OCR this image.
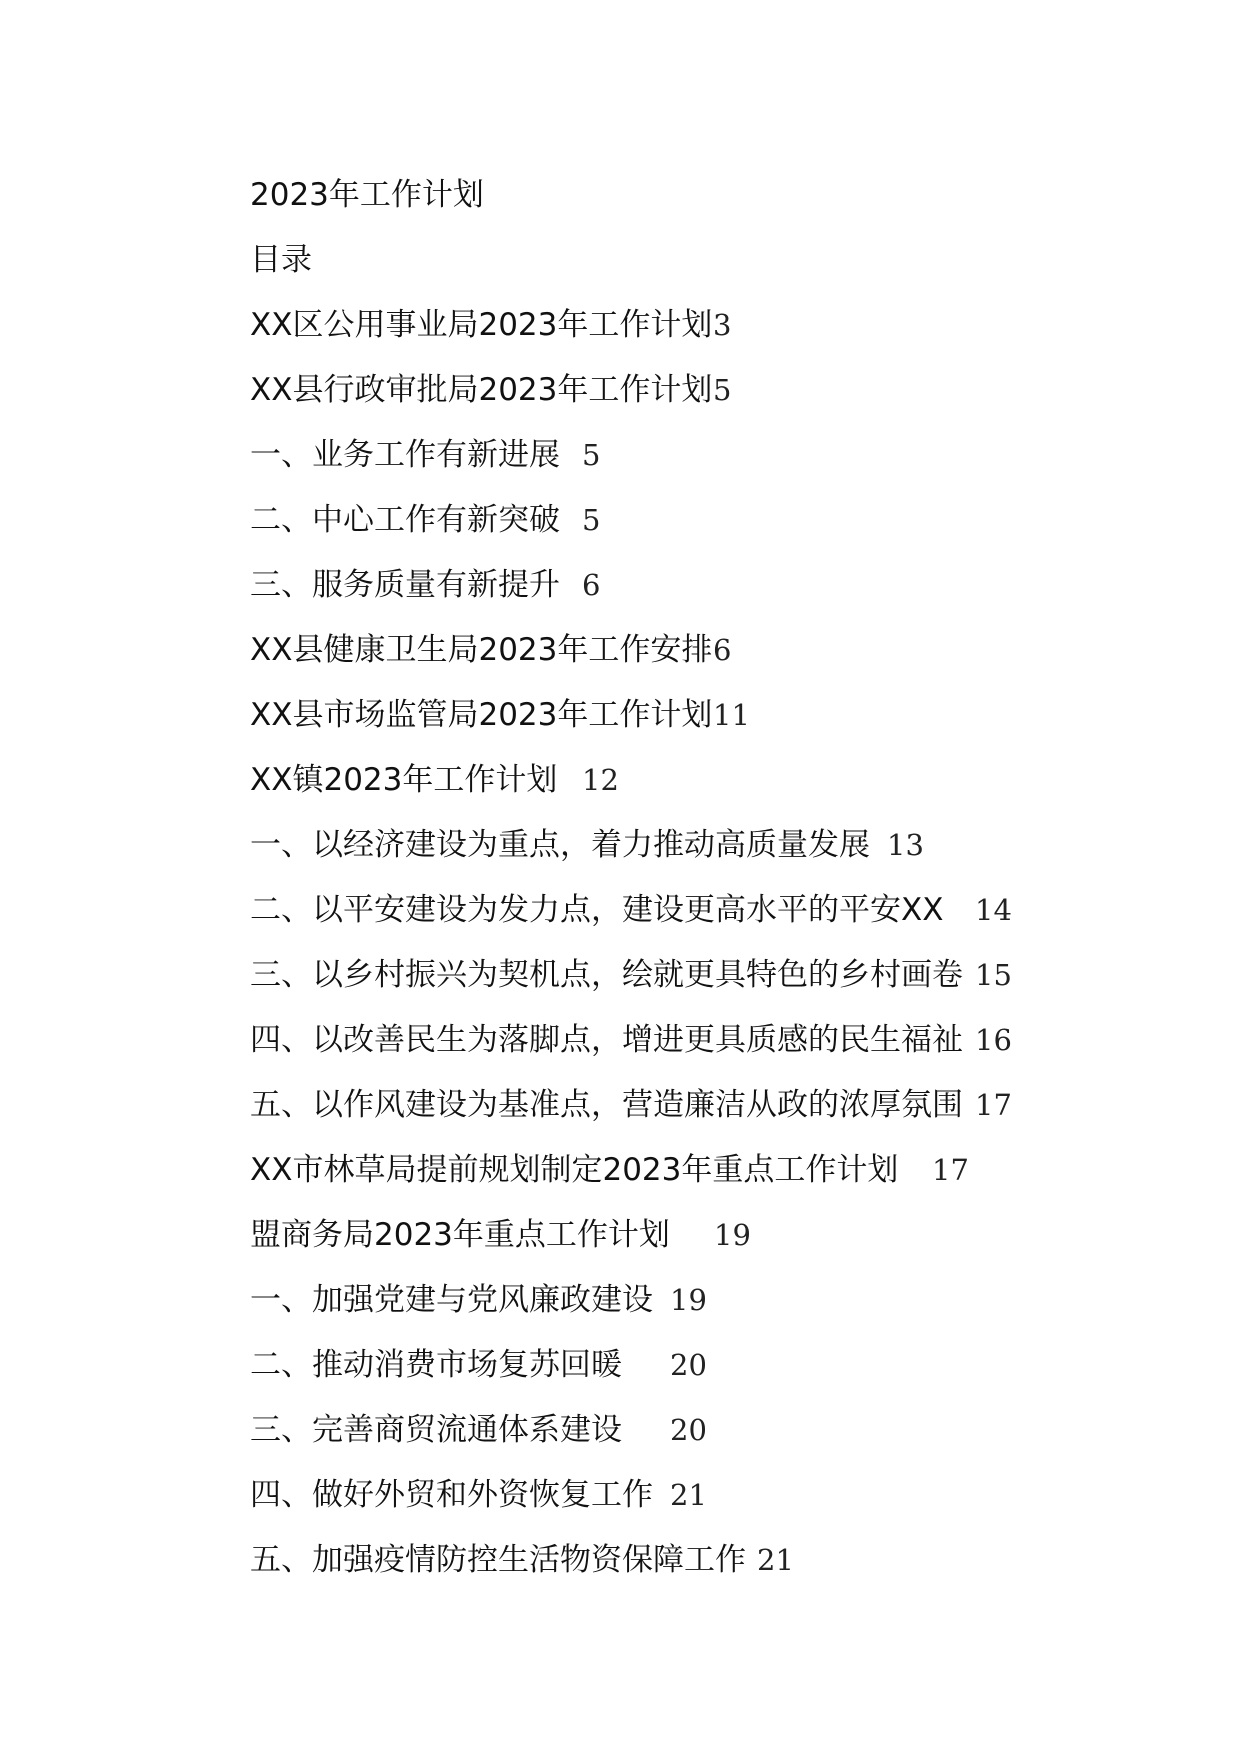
2023年工作计划
目录
XX区公用事业局2023年工作计划 3
XX县行政审批局2023年工作计划 5
一、业务工作有新进展 5
二、中心工作有新突破 5
三、服务质量有新提升 6
XX县健康卫生局2023年工作安排 6
XX县市场监管局2023年工作计划 11
XX镇2023年工作计划 12
一、以经济建设为重点，着力推动高质量发展 13
二、以平安建设为发力点，建设更高水平的平安XX 14
三、以乡村振兴为契机点，绘就更具特色的乡村画卷 15
四、以改善民生为落脚点，增进更具质感的民生福祉 16
五、以作风建设为基准点，营造廉洁从政的浓厚氛围 17
XX市林草局提前规划制定2023年重点工作计划 17
盟商务局2023年重点工作计划 19
一、加强党建与党风廉政建设 19
二、推动消费市场复苏回暖 20
三、完善商贸流通体系建设 20
四、做好外贸和外资恢复工作 21
五、加强疫情防控生活物资保障工作 21
